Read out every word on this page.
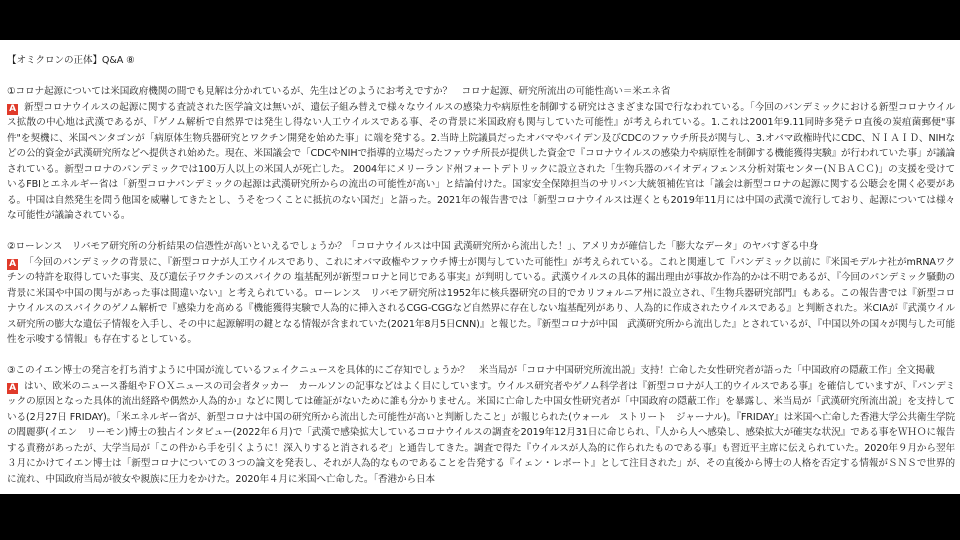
【オミクロンの正体】Q&A ⑧
①コロナ起源については米国政府機関の間でも見解は分かれているが、先生はどのようにお考えですか？　コロナ起源、研究所流出の可能性高い＝米エネ省
A 新型コロナウイルスの起源に関する査読された医学論文は無いが、遺伝子組み替えで様々なウイルスの感染力や病原性を制御する研究はさまざまな国で行なわれている。「今回のパンデミックにおける新型コロナウイルス拡散の中心地は武漢であるが、『ゲノム解析で自然界では発生し得ない人工ウイルスである事、その背景に米国政府も関与していた可能性』が考えられている。1.これは2001年9.11同時多発テロ直後の炭疽菌郵便"事件"を契機に、米国ペンタゴンが「病原体生物兵器研究とワクチン開発を始めた事」に端を発する。2.当時上院議員だったオバマやバイデン及びCDCのファウチ所長が関与し、3.オバマ政権時代にCDC、ＮＩＡＩＤ、NIHなどの公的資金が武漢研究所などへ提供され始めた。現在、米国議会で「CDCやNIHで指導的立場だったファウチ所長が提供した資金で『コロナウイルスの感染力や病原性を制御する機能獲得実験』が行われていた事」が議論されている。新型コロナのパンデミックでは100万人以上の米国人が死亡した。 2004年にメリーランド州フォートデトリックに設立された「生物兵器のバイオディフェンス分析対策センター(ＮＢＡＣＣ)」の支援を受けているFBIとエネルギー省は「新型コロナパンデミックの起源は武漢研究所からの流出の可能性が高い」と結論付けた。国家安全保障担当のサリバン大統領補佐官は「議会は新型コロナの起源に関する公聴会を開く必要がある。中国は自然発生を問う他国を威嚇してきたとし、うそをつくことに抵抗のない国だ」と語った。2021年の報告書では「新型コロナウイルスは遅くとも2019年11月には中国の武漢で流行しており、起源については様々な可能性が議論されている。
②ローレンス　リバモア研究所の分析結果の信憑性が高いといえるでしょうか？「コロナウイルスは中国 武漢研究所から流出した！」、アメリカが確信した「膨大なデータ」のヤバすぎる中身
A 「今回のパンデミックの背景に、『新型コロナが人工ウイルスであり、これにオバマ政権やファウチ博士が関与していた可能性』が考えられている。これと関連して『パンデミック以前に『米国モデルナ社がmRNAワクチンの特許を取得していた事実、及び遺伝子ワクチンのスパイクの 塩基配列が新型コロナと同じである事実』が判明している。武漢ウイルスの具体的漏出理由が事故か作為的かは不明であるが、『今回のパンデミック騒動の背景に米国や中国の関与があった事は間違いない』と考えられている。ローレンス　リバモア研究所は1952年に核兵器研究の目的でカリフォルニア州に設立され、『生物兵器研究部門』もある。この報告書では『新型コロナウイルスのスパイクのゲノム解析で『感染力を高める『機能獲得実験で人為的に挿入されるCGG-CGGなど自然界に存在しない塩基配列があり、人為的に作成されたウイルスである』と判断された。米CIAが『武漢ウイルス研究所の膨大な遺伝子情報を入手し、その中に起源解明の鍵となる情報が含まれていた(2021年8月5日CNN)』と報じた。『新型コロナが中国　武漢研究所から流出した』とされているが、『中国以外の国々が関与した可能性を示唆する情報』も存在するとしている。
③このイエン博士の発言を打ち消すように中国が流しているフェイクニュースを具体的にご存知でしょうか？　米当局が「コロナ中国研究所流出説」支持！亡命した女性研究者が語った「中国政府の隠蔽工作」全文掲載
A はい、欧米のニュース番組やＦＯＸニュースの司会者タッカー　カールソンの記事などはよく目にしています。ウイルス研究者やゲノム科学者は『新型コロナが人工的ウイルスである事』を確信していますが、『パンデミックの原因となった具体的流出経路や偶然か人為的か』などに関しては確証がないために誰も分かりません。米国に亡命した中国女性研究者が「中国政府の隠蔽工作」を暴露し、米当局が「武漢研究所流出説」を支持している(2月27日 FRIDAY)。「米エネルギー省が、新型コロナは中国の研究所から流出した可能性が高いと判断したこと」が報じられた(ウォール　ストリート　ジャーナル)。『FRIDAY』は米国へ亡命した香港大学公共衛生学院の閻麗夢(イエン　リーモン)博士の独占インタビュー(2022年６月)で「武漢で感染拡大しているコロナウイルスの調査を2019年12月31日に命じられ、『人から人へ感染し、感染拡大が確実な状況』である事をＷＨＯに報告する責務があったが、大学当局が「この件から手を引くように！深入りすると消されるぞ」と通告してきた。調査で得た『ウイルスが人為的に作られたものである事』も習近平主席に伝えられていた。2020年９月から翌年３月にかけてイエン博士は「新型コロナについての３つの論文を発表し、それが人為的なものであることを告発する『イェン・レポート』として注目された」が、その直後から博士の人格を否定する情報がＳＮＳで世界的に流れ、中国政府当局が彼女や親族に圧力をかけた。2020年４月に米国へ亡命した。「香港から日本
